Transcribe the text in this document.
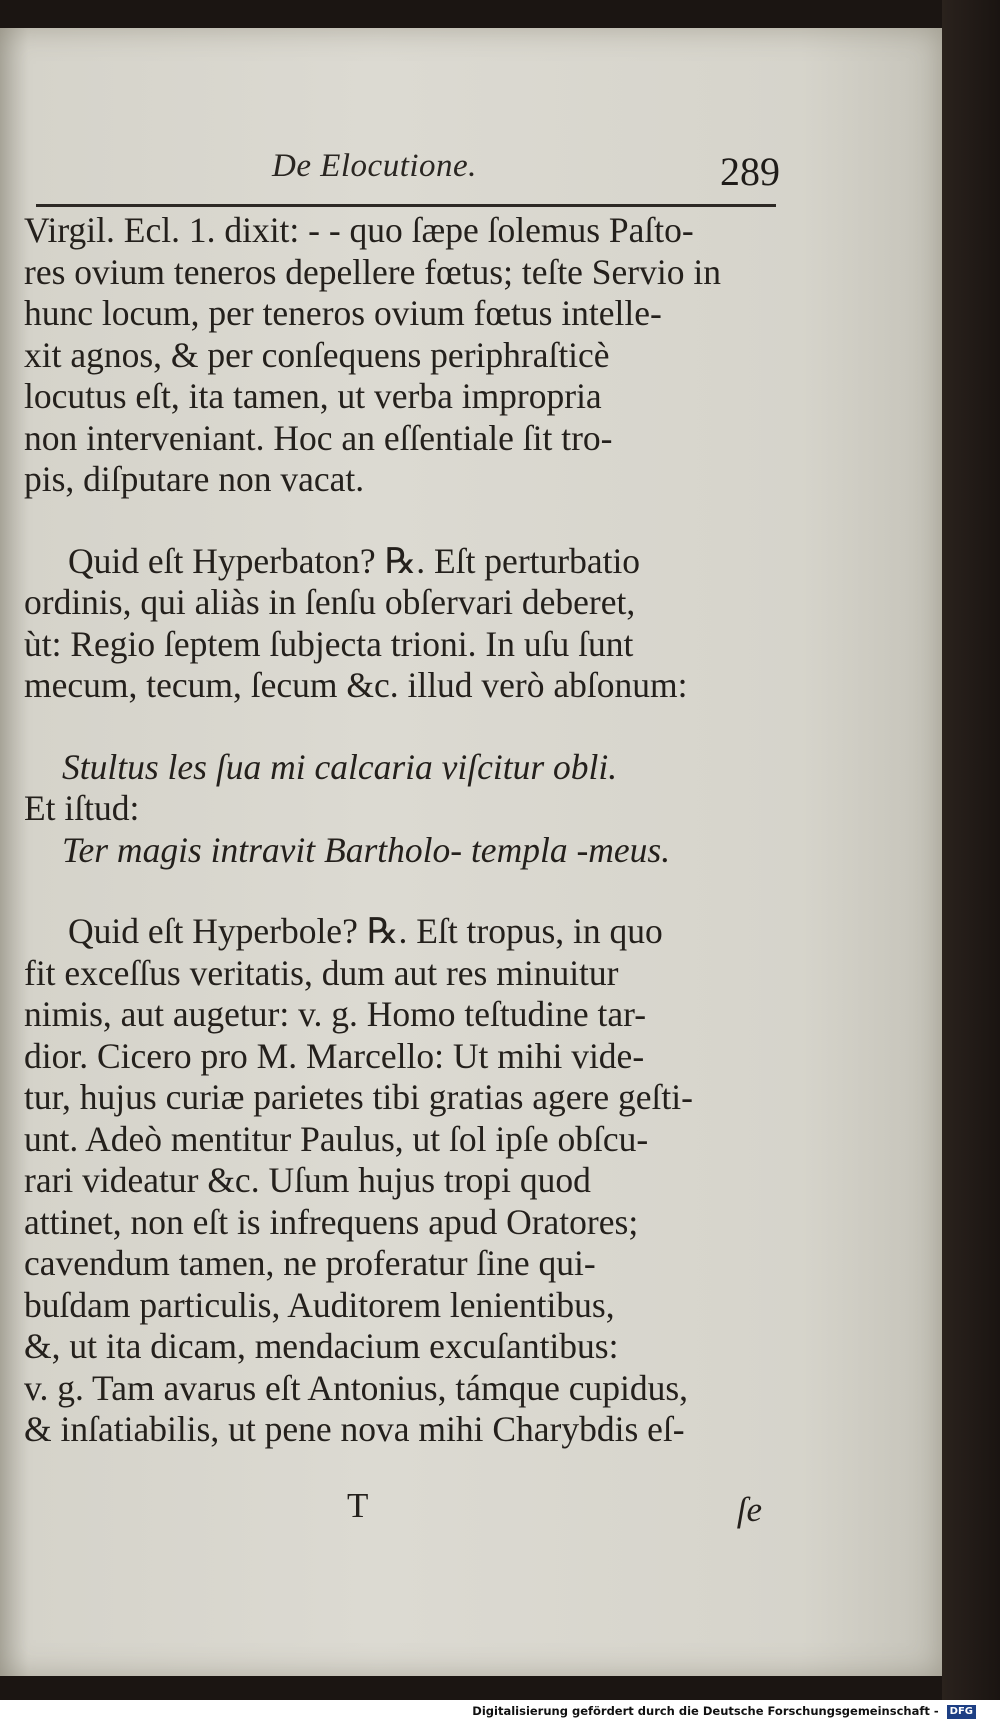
De Elocutione.	289
Virgil. Ecl. 1. dixit: - - quo ſæpe ſolemus Paſto-
res ovium teneros depellere fœtus; teſte Servio in
hunc locum, per teneros ovium fœtus intelle-
xit agnos, & per conſequens periphraſticè
locutus eſt, ita tamen, ut verba impropria
non interveniant. Hoc an eſſentiale ſit tro-
pis, diſputare non vacat.
Quid eſt Hyperbaton? ℞. Eſt perturbatio
ordinis, qui aliàs in ſenſu obſervari deberet,
ùt: Regio ſeptem ſubjecta trioni. In uſu ſunt
mecum, tecum, ſecum &c. illud verò abſonum:
Stultus les ſua mi calcaria viſcitur obli.
Et iſtud:
Ter magis intravit Bartholo- templa -meus.
Quid eſt Hyperbole? ℞. Eſt tropus, in quo
fit exceſſus veritatis, dum aut res minuitur
nimis, aut augetur: v. g. Homo teſtudine tar-
dior. Cicero pro M. Marcello: Ut mihi vide-
tur, hujus curiæ parietes tibi gratias agere geſti-
unt. Adeò mentitur Paulus, ut ſol ipſe obſcu-
rari videatur &c. Uſum hujus tropi quod
attinet, non eſt is infrequens apud Oratores;
cavendum tamen, ne proferatur ſine qui-
buſdam particulis, Auditorem lenientibus,
&, ut ita dicam, mendacium excuſantibus:
v. g. Tam avarus eſt Antonius, támque cupidus,
& inſatiabilis, ut pene nova mihi Charybdis eſ-
T	ſe
Digitalisierung gefördert durch die Deutsche Forschungsgemeinschaft - DFG
